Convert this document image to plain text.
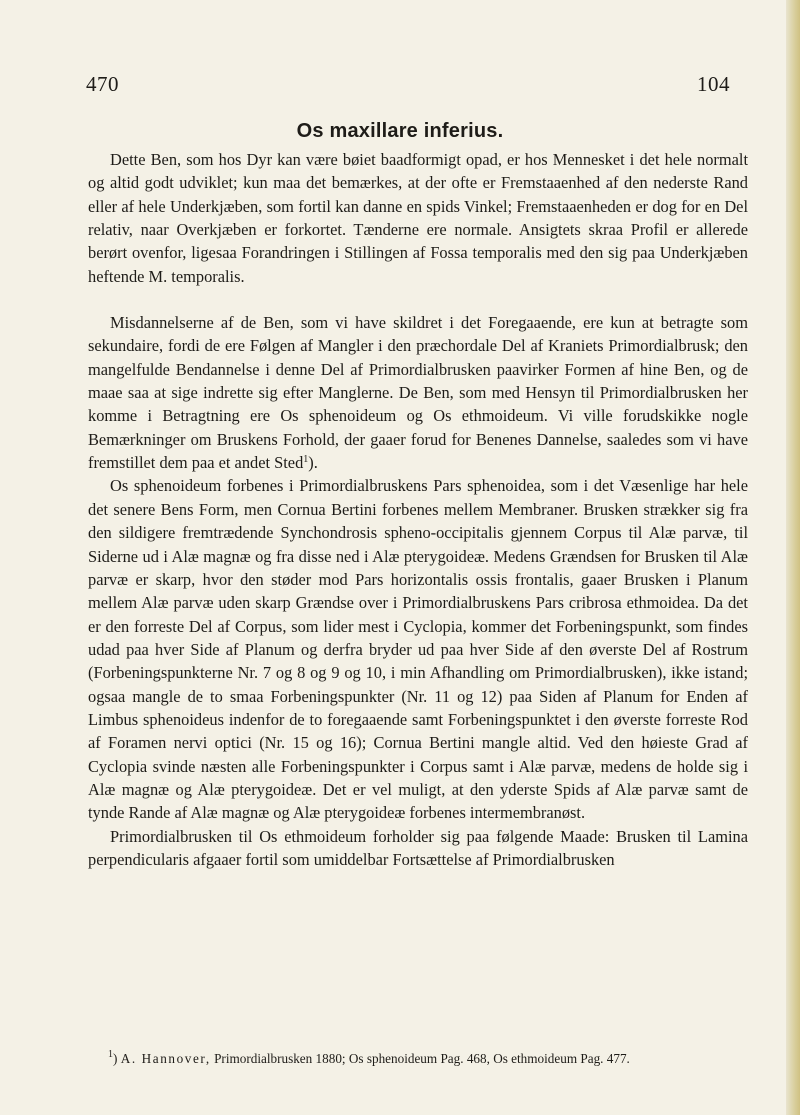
470	104
Os maxillare inferius.

Dette Ben, som hos Dyr kan være bøiet baadformigt opad, er hos Mennesket i det hele normalt og altid godt udviklet; kun maa det bemærkes, at der ofte er Fremstaaenhed af den nederste Rand eller af hele Underkjæben, som fortil kan danne en spids Vinkel; Fremstaaenheden er dog for en Del relativ, naar Overkjæben er forkortet. Tænderne ere normale. Ansigtets skraa Profil er allerede berørt ovenfor, ligesaa Forandringen i Stillingen af Fossa temporalis med den sig paa Underkjæben heftende M. temporalis.

Misdannelserne af de Ben, som vi have skildret i det Foregaaende, ere kun at betragte som sekundaire, fordi de ere Følgen af Mangler i den præchordale Del af Kraniets Primordialbrusk; den mangelfulde Bendannelse i denne Del af Primordialbrusken paavirker Formen af hine Ben, og de maae saa at sige indrette sig efter Manglerne. De Ben, som med Hensyn til Primordialbrusken her komme i Betragtning ere Os sphenoideum og Os ethmoideum. Vi ville forudskikke nogle Bemærkninger om Bruskens Forhold, der gaaer forud for Benenes Dannelse, saaledes som vi have fremstillet dem paa et andet Sted$^1$).

Os sphenoideum forbenes i Primordialbruskens Pars sphenoidea, som i det Væsenlige har hele det senere Bens Form, men Cornua Bertini forbenes mellem Membraner. Brusken strækker sig fra den sildigere fremtrædende Synchondrosis spheno-occipitalis gjennem Corpus til Alæ parvæ, til Siderne ud i Alæ magnæ og fra disse ned i Alæ pterygoideæ. Medens Grændsen for Brusken til Alæ parvæ er skarp, hvor den støder mod Pars horizontalis ossis frontalis, gaaer Brusken i Planum mellem Alæ parvæ uden skarp Grændse over i Primordialbruskens Pars cribrosa ethmoidea. Da det er den forreste Del af Corpus, som lider mest i Cyclopia, kommer det Forbeningspunkt, som findes udad paa hver Side af Planum og derfra bryder ud paa hver Side af den øverste Del af Rostrum (Forbeningspunkterne Nr. 7 og 8 og 9 og 10, i min Afhandling om Primordialbrusken), ikke istand; ogsaa mangle de to smaa Forbeningspunkter (Nr. 11 og 12) paa Siden af Planum for Enden af Limbus sphenoideus indenfor de to foregaaende samt Forbeningspunktet i den øverste forreste Rod af Foramen nervi optici (Nr. 15 og 16); Cornua Bertini mangle altid. Ved den høieste Grad af Cyclopia svinde næsten alle Forbeningspunkter i Corpus samt i Alæ parvæ, medens de holde sig i Alæ magnæ og Alæ pterygoideæ. Det er vel muligt, at den yderste Spids af Alæ parvæ samt de tynde Rande af Alæ magnæ og Alæ pterygoideæ forbenes intermembranøst.

Primordialbrusken til Os ethmoideum forholder sig paa følgende Maade: Brusken til Lamina perpendicularis afgaaer fortil som umiddelbar Fortsættelse af Primordialbrusken

$^1$) A. Hannover, Primordialbrusken 1880; Os sphenoideum Pag. 468, Os ethmoideum Pag. 477.
